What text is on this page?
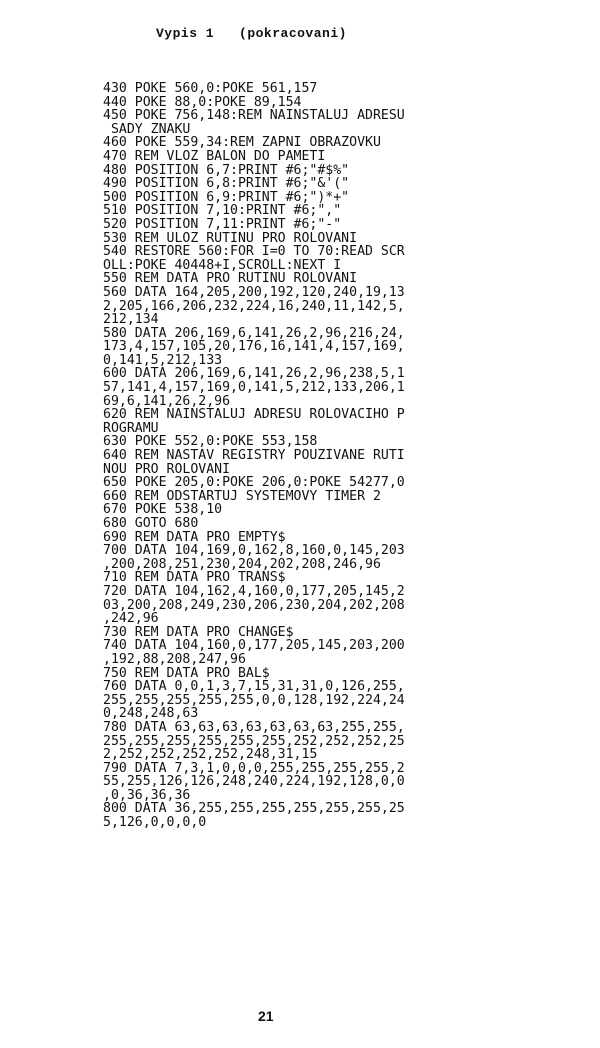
Vypis 1   (pokracovani)
430 POKE 560,0:POKE 561,157
440 POKE 88,0:POKE 89,154
450 POKE 756,148:REM NAINSTALUJ ADRESU
SADY ZNAKU
460 POKE 559,34:REM ZAPNI OBRAZOVKU
470 REM VLOZ BALON DO PAMETI
480 POSITION 6,7:PRINT #6;"#$%"
490 POSITION 6,8:PRINT #6;"&'("
500 POSITION 6,9:PRINT #6;")*+"
510 POSITION 7,10:PRINT #6;","
520 POSITION 7,11:PRINT #6;"-"
530 REM ULOZ RUTINU PRO ROLOVANI
540 RESTORE 560:FOR I=0 TO 70:READ SCR
OLL:POKE 40448+I,SCROLL:NEXT I
550 REM DATA PRO RUTINU ROLOVANI
560 DATA 164,205,200,192,120,240,19,13
2,205,166,206,232,224,16,240,11,142,5,
212,134
580 DATA 206,169,6,141,26,2,96,216,24,
173,4,157,105,20,176,16,141,4,157,169,
0,141,5,212,133
600 DATA 206,169,6,141,26,2,96,238,5,1
57,141,4,157,169,0,141,5,212,133,206,1
69,6,141,26,2,96
620 REM NAINSTALUJ ADRESU ROLOVACIHO P
ROGRAMU
630 POKE 552,0:POKE 553,158
640 REM NASTAV REGISTRY POUZIVANE RUTI
NOU PRO ROLOVANI
650 POKE 205,0:POKE 206,0:POKE 54277,0
660 REM ODSTARTUJ SYSTEMOVY TIMER 2
670 POKE 538,10
680 GOTO 680
690 REM DATA PRO EMPTY$
700 DATA 104,169,0,162,8,160,0,145,203
,200,208,251,230,204,202,208,246,96
710 REM DATA PRO TRANS$
720 DATA 104,162,4,160,0,177,205,145,2
03,200,208,249,230,206,230,204,202,208
,242,96
730 REM DATA PRO CHANGE$
740 DATA 104,160,0,177,205,145,203,200
,192,88,208,247,96
750 REM DATA PRO BAL$
760 DATA 0,0,1,3,7,15,31,31,0,126,255,
255,255,255,255,255,0,0,128,192,224,24
0,248,248,63
780 DATA 63,63,63,63,63,63,63,255,255,
255,255,255,255,255,255,252,252,252,25
2,252,252,252,252,248,31,15
790 DATA 7,3,1,0,0,0,255,255,255,255,2
55,255,126,126,248,240,224,192,128,0,0
,0,36,36,36
800 DATA 36,255,255,255,255,255,255,25
5,126,0,0,0,0
21
